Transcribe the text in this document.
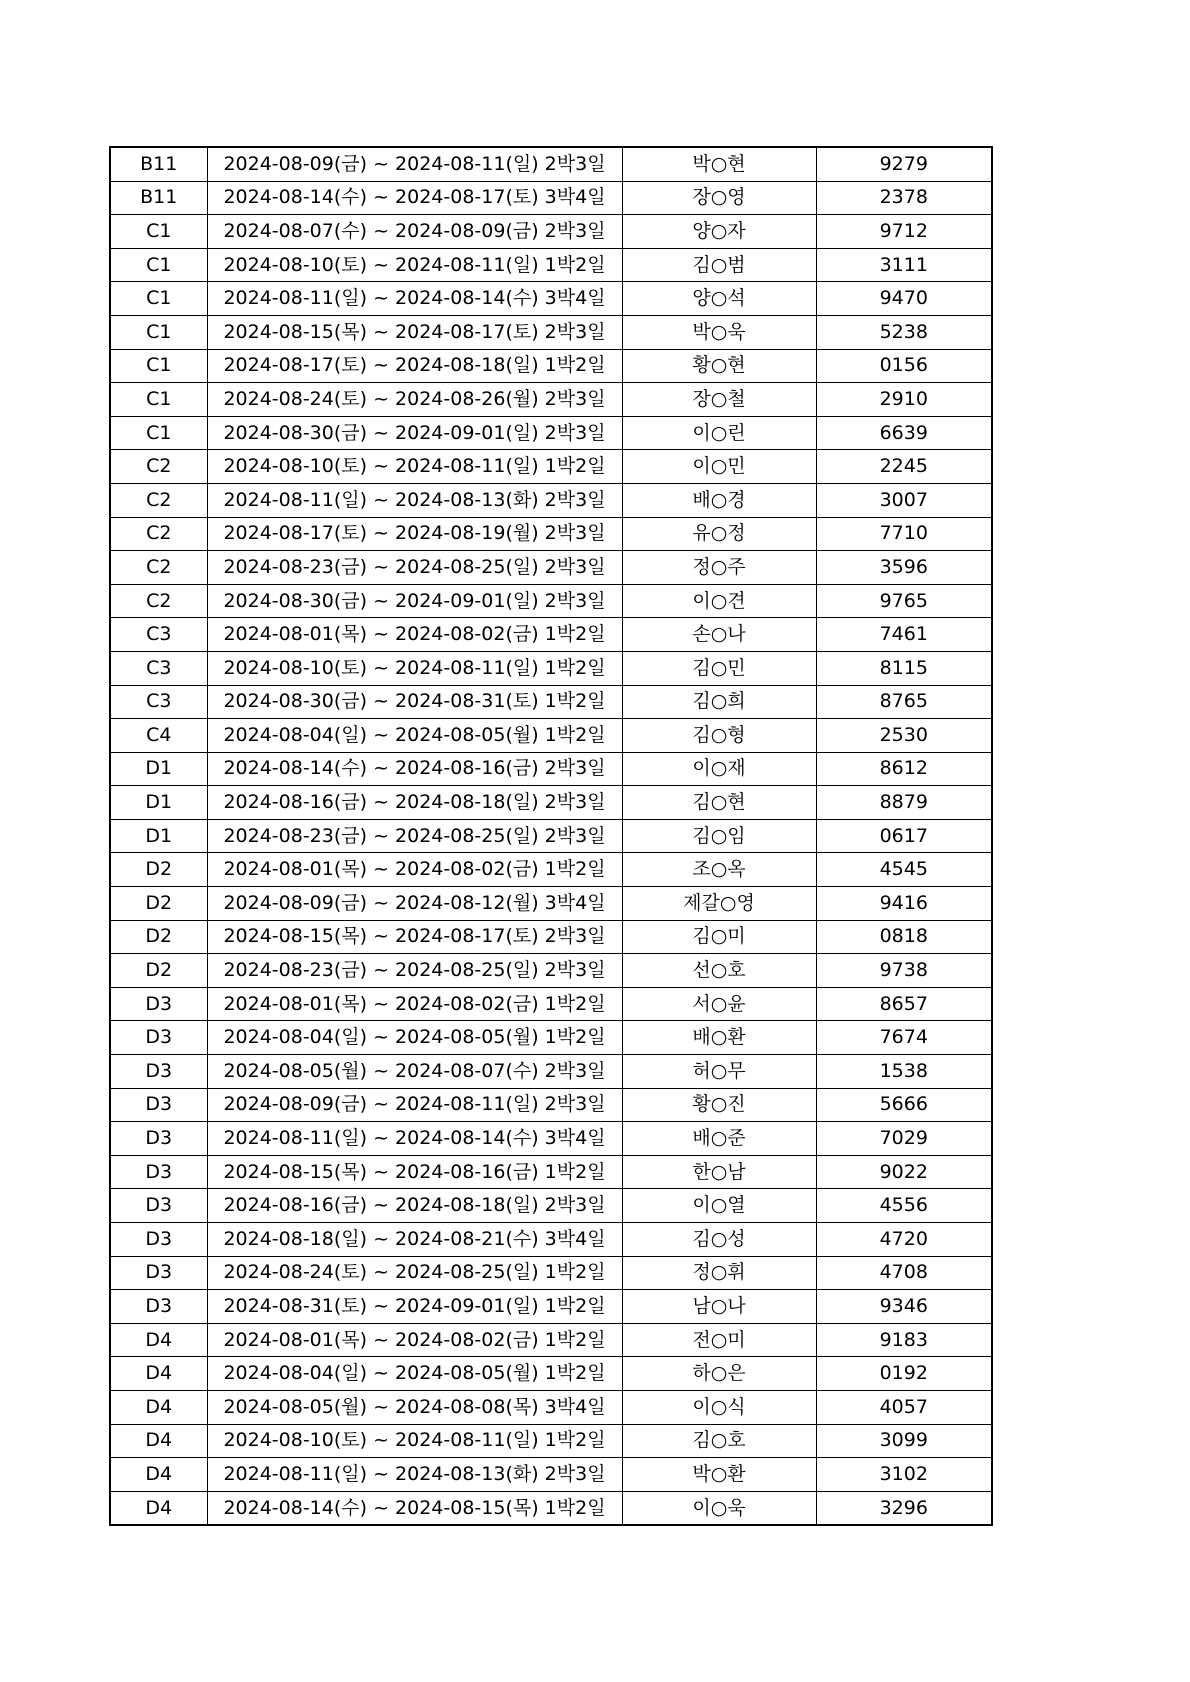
B11	2024-08-09(금) ~ 2024-08-11(일) 2박3일	박○현	9279
B11	2024-08-14(수) ~ 2024-08-17(토) 3박4일	장○영	2378
C1	2024-08-07(수) ~ 2024-08-09(금) 2박3일	양○자	9712
C1	2024-08-10(토) ~ 2024-08-11(일) 1박2일	김○범	3111
C1	2024-08-11(일) ~ 2024-08-14(수) 3박4일	양○석	9470
C1	2024-08-15(목) ~ 2024-08-17(토) 2박3일	박○욱	5238
C1	2024-08-17(토) ~ 2024-08-18(일) 1박2일	황○현	0156
C1	2024-08-24(토) ~ 2024-08-26(월) 2박3일	장○철	2910
C1	2024-08-30(금) ~ 2024-09-01(일) 2박3일	이○린	6639
C2	2024-08-10(토) ~ 2024-08-11(일) 1박2일	이○민	2245
C2	2024-08-11(일) ~ 2024-08-13(화) 2박3일	배○경	3007
C2	2024-08-17(토) ~ 2024-08-19(월) 2박3일	유○정	7710
C2	2024-08-23(금) ~ 2024-08-25(일) 2박3일	정○주	3596
C2	2024-08-30(금) ~ 2024-09-01(일) 2박3일	이○견	9765
C3	2024-08-01(목) ~ 2024-08-02(금) 1박2일	손○나	7461
C3	2024-08-10(토) ~ 2024-08-11(일) 1박2일	김○민	8115
C3	2024-08-30(금) ~ 2024-08-31(토) 1박2일	김○희	8765
C4	2024-08-04(일) ~ 2024-08-05(월) 1박2일	김○형	2530
D1	2024-08-14(수) ~ 2024-08-16(금) 2박3일	이○재	8612
D1	2024-08-16(금) ~ 2024-08-18(일) 2박3일	김○현	8879
D1	2024-08-23(금) ~ 2024-08-25(일) 2박3일	김○임	0617
D2	2024-08-01(목) ~ 2024-08-02(금) 1박2일	조○옥	4545
D2	2024-08-09(금) ~ 2024-08-12(월) 3박4일	제갈○영	9416
D2	2024-08-15(목) ~ 2024-08-17(토) 2박3일	김○미	0818
D2	2024-08-23(금) ~ 2024-08-25(일) 2박3일	선○호	9738
D3	2024-08-01(목) ~ 2024-08-02(금) 1박2일	서○윤	8657
D3	2024-08-04(일) ~ 2024-08-05(월) 1박2일	배○환	7674
D3	2024-08-05(월) ~ 2024-08-07(수) 2박3일	허○무	1538
D3	2024-08-09(금) ~ 2024-08-11(일) 2박3일	황○진	5666
D3	2024-08-11(일) ~ 2024-08-14(수) 3박4일	배○준	7029
D3	2024-08-15(목) ~ 2024-08-16(금) 1박2일	한○남	9022
D3	2024-08-16(금) ~ 2024-08-18(일) 2박3일	이○열	4556
D3	2024-08-18(일) ~ 2024-08-21(수) 3박4일	김○성	4720
D3	2024-08-24(토) ~ 2024-08-25(일) 1박2일	정○휘	4708
D3	2024-08-31(토) ~ 2024-09-01(일) 1박2일	남○나	9346
D4	2024-08-01(목) ~ 2024-08-02(금) 1박2일	전○미	9183
D4	2024-08-04(일) ~ 2024-08-05(월) 1박2일	하○은	0192
D4	2024-08-05(월) ~ 2024-08-08(목) 3박4일	이○식	4057
D4	2024-08-10(토) ~ 2024-08-11(일) 1박2일	김○호	3099
D4	2024-08-11(일) ~ 2024-08-13(화) 2박3일	박○환	3102
D4	2024-08-14(수) ~ 2024-08-15(목) 1박2일	이○욱	3296
